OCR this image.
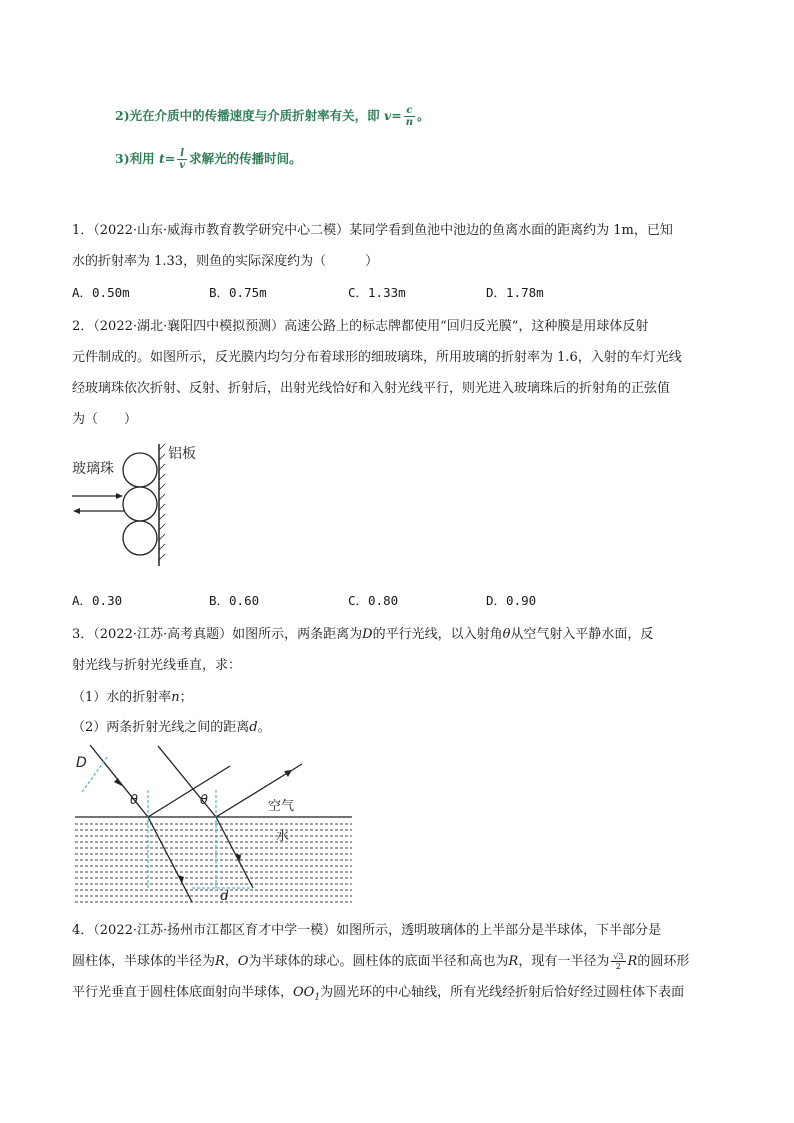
2)光在介质中的传播速度与介质折射率有关，即 $v= \frac{c}{n}$ 。
3)利用 $t= \frac{l}{v}$ 求解光的传播时间。
1．（2022·山东·威海市教育教学研究中心二模）某同学看到鱼池中池边的鱼离水面的距离约为 1m，已知
水的折射率为 1.33，则鱼的实际深度约为（　　　）
A．0.50m	B．0.75m	C．1.33m	D．1.78m
2．（2022·湖北·襄阳四中模拟预测）高速公路上的标志牌都使用“回归反光膜”，这种膜是用球体反射
元件制成的。如图所示，反光膜内均匀分布着球形的细玻璃珠，所用玻璃的折射率为 1.6，入射的车灯光线
经玻璃珠依次折射、反射、折射后，出射光线恰好和入射光线平行，则光进入玻璃珠后的折射角的正弦值
为（　　）
玻璃珠
铝板
A．0.30	B．0.60	C．0.80	D．0.90
3．（2022·江苏·高考真题）如图所示，两条距离为D的平行光线，以入射角θ从空气射入平静水面，反
射光线与折射光线垂直，求：
（1）水的折射率n；
（2）两条折射光线之间的距离d。
D
θ	θ	空气
水
d
4．（2022·江苏·扬州市江都区育才中学一模）如图所示，透明玻璃体的上半部分是半球体，下半部分是
圆柱体，半球体的半径为R，O为半球体的球心。圆柱体的底面半径和高也为R，现有一半径为 $\frac{√3}{2}$ R的圆环形
平行光垂直于圆柱体底面射向半球体，$OO_1$为圆光环的中心轴线，所有光线经折射后恰好经过圆柱体下表面
